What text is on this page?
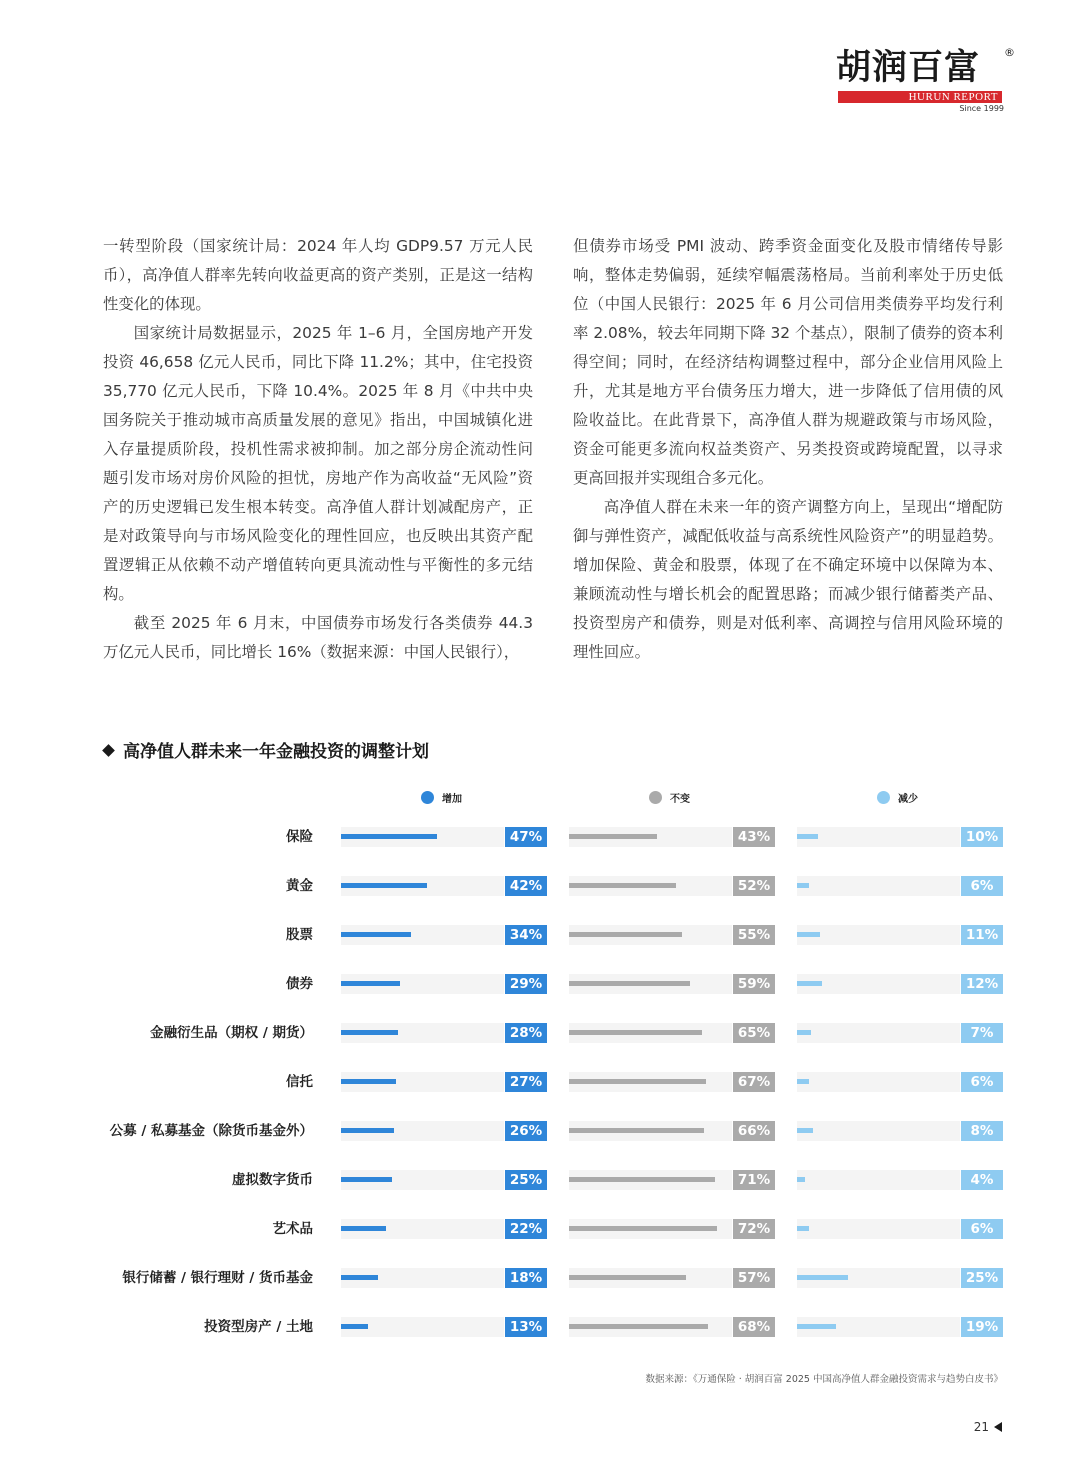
胡润百富 ®
HURUN REPORT
Since 1999

一转型阶段（国家统计局：2024 年人均 GDP9.57 万元人民币），高净值人群率先转向收益更高的资产类别，正是这一结构性变化的体现。

国家统计局数据显示，2025 年 1–6 月，全国房地产开发投资 46,658 亿元人民币，同比下降 11.2%；其中，住宅投资 35,770 亿元人民币，下降 10.4%。2025 年 8 月《中共中央国务院关于推动城市高质量发展的意见》指出，中国城镇化进入存量提质阶段，投机性需求被抑制。加之部分房企流动性问题引发市场对房价风险的担忧，房地产作为高收益“无风险”资产的历史逻辑已发生根本转变。高净值人群计划减配房产，正是对政策导向与市场风险变化的理性回应，也反映出其资产配置逻辑正从依赖不动产增值转向更具流动性与平衡性的多元结构。

截至 2025 年 6 月末，中国债券市场发行各类债券 44.3 万亿元人民币，同比增长 16%（数据来源：中国人民银行），

但债券市场受 PMI 波动、跨季资金面变化及股市情绪传导影响，整体走势偏弱，延续窄幅震荡格局。当前利率处于历史低位（中国人民银行：2025 年 6 月公司信用类债券平均发行利率 2.08%，较去年同期下降 32 个基点），限制了债券的资本利得空间；同时，在经济结构调整过程中，部分企业信用风险上升，尤其是地方平台债务压力增大，进一步降低了信用债的风险收益比。在此背景下，高净值人群为规避政策与市场风险，资金可能更多流向权益类资产、另类投资或跨境配置，以寻求更高回报并实现组合多元化。

高净值人群在未来一年的资产调整方向上，呈现出“增配防御与弹性资产，减配低收益与高系统性风险资产”的明显趋势。增加保险、黄金和股票，体现了在不确定环境中以保障为本、兼顾流动性与增长机会的配置思路；而减少银行储蓄类产品、投资型房产和债券，则是对低利率、高调控与信用风险环境的理性回应。

高净值人群未来一年金融投资的调整计划
增加	不变	减少
保险	47%	43%	10%
黄金	42%	52%	6%
股票	34%	55%	11%
债券	29%	59%	12%
金融衍生品（期权 / 期货）	28%	65%	7%
信托	27%	67%	6%
公募 / 私募基金（除货币基金外）	26%	66%	8%
虚拟数字货币	25%	71%	4%
艺术品	22%	72%	6%
银行储蓄 / 银行理财 / 货币基金	18%	57%	25%
投资型房产 / 土地	13%	68%	19%
数据来源：《万通保险 · 胡润百富 2025 中国高净值人群金融投资需求与趋势白皮书》
21
